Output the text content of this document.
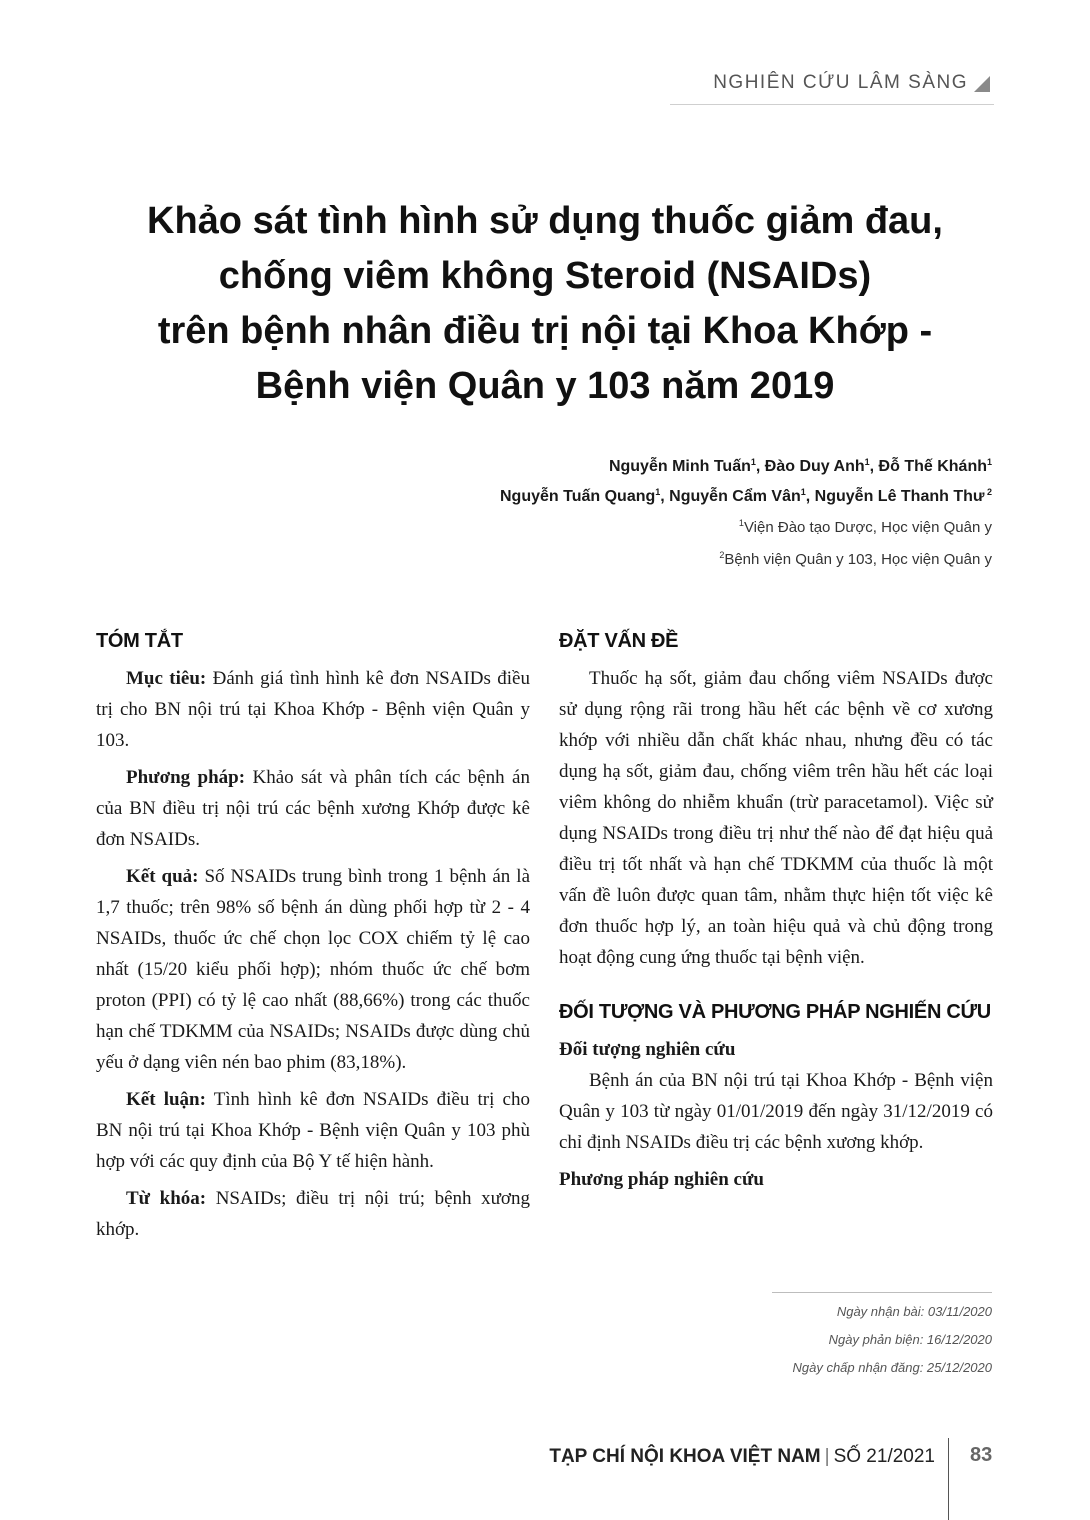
NGHIÊN CỨU LÂM SÀNG
Khảo sát tình hình sử dụng thuốc giảm đau,
chống viêm không Steroid (NSAIDs)
trên bệnh nhân điều trị nội tại Khoa Khớp -
Bệnh viện Quân y 103 năm 2019
Nguyễn Minh Tuấn$^1$, Đào Duy Anh$^1$, Đỗ Thế Khánh$^1$
Nguyễn Tuấn Quang$^1$, Nguyễn Cẩm Vân$^1$, Nguyễn Lê Thanh Thư $^2$
$^1$Viện Đào tạo Dược, Học viện Quân y
$^2$Bệnh viện Quân y 103, Học viện Quân y
TÓM TẮT

Mục tiêu: Đánh giá tình hình kê đơn NSAIDs điều trị cho BN nội trú tại Khoa Khớp - Bệnh viện Quân y 103.

Phương pháp: Khảo sát và phân tích các bệnh án của BN điều trị nội trú các bệnh xương Khớp được kê đơn NSAIDs.

Kết quả: Số NSAIDs trung bình trong 1 bệnh án là 1,7 thuốc; trên 98% số bệnh án dùng phối hợp từ 2 - 4 NSAIDs, thuốc ức chế chọn lọc COX chiếm tỷ lệ cao nhất (15/20 kiểu phối hợp); nhóm thuốc ức chế bơm proton (PPI) có tỷ lệ cao nhất (88,66%) trong các thuốc hạn chế TDKMM của NSAIDs; NSAIDs được dùng chủ yếu ở dạng viên nén bao phim (83,18%).

Kết luận: Tình hình kê đơn NSAIDs điều trị cho BN nội trú tại Khoa Khớp - Bệnh viện Quân y 103 phù hợp với các quy định của Bộ Y tế hiện hành.

Từ khóa: NSAIDs; điều trị nội trú; bệnh xương khớp.

ĐẶT VẤN ĐỀ

Thuốc hạ sốt, giảm đau chống viêm NSAIDs được sử dụng rộng rãi trong hầu hết các bệnh về cơ xương khớp với nhiều dẫn chất khác nhau, nhưng đều có tác dụng hạ sốt, giảm đau, chống viêm trên hầu hết các loại viêm không do nhiễm khuẩn (trừ paracetamol). Việc sử dụng NSAIDs trong điều trị như thế nào để đạt hiệu quả điều trị tốt nhất và hạn chế TDKMM của thuốc là một vấn đề luôn được quan tâm, nhằm thực hiện tốt việc kê đơn thuốc hợp lý, an toàn hiệu quả và chủ động trong hoạt động cung ứng thuốc tại bệnh viện.

ĐỐI TƯỢNG VÀ PHƯƠNG PHÁP NGHIẾN CỨU
Đối tượng nghiên cứu

Bệnh án của BN nội trú tại Khoa Khớp - Bệnh viện Quân y 103 từ ngày 01/01/2019 đến ngày 31/12/2019 có chỉ định NSAIDs điều trị các bệnh xương khớp.

Phương pháp nghiên cứu
Ngày nhận bài: 03/11/2020
Ngày phản biện: 16/12/2020
Ngày chấp nhận đăng: 25/12/2020
TẠP CHÍ NỘI KHOA VIỆT NAM | SỐ 21/2021 83
